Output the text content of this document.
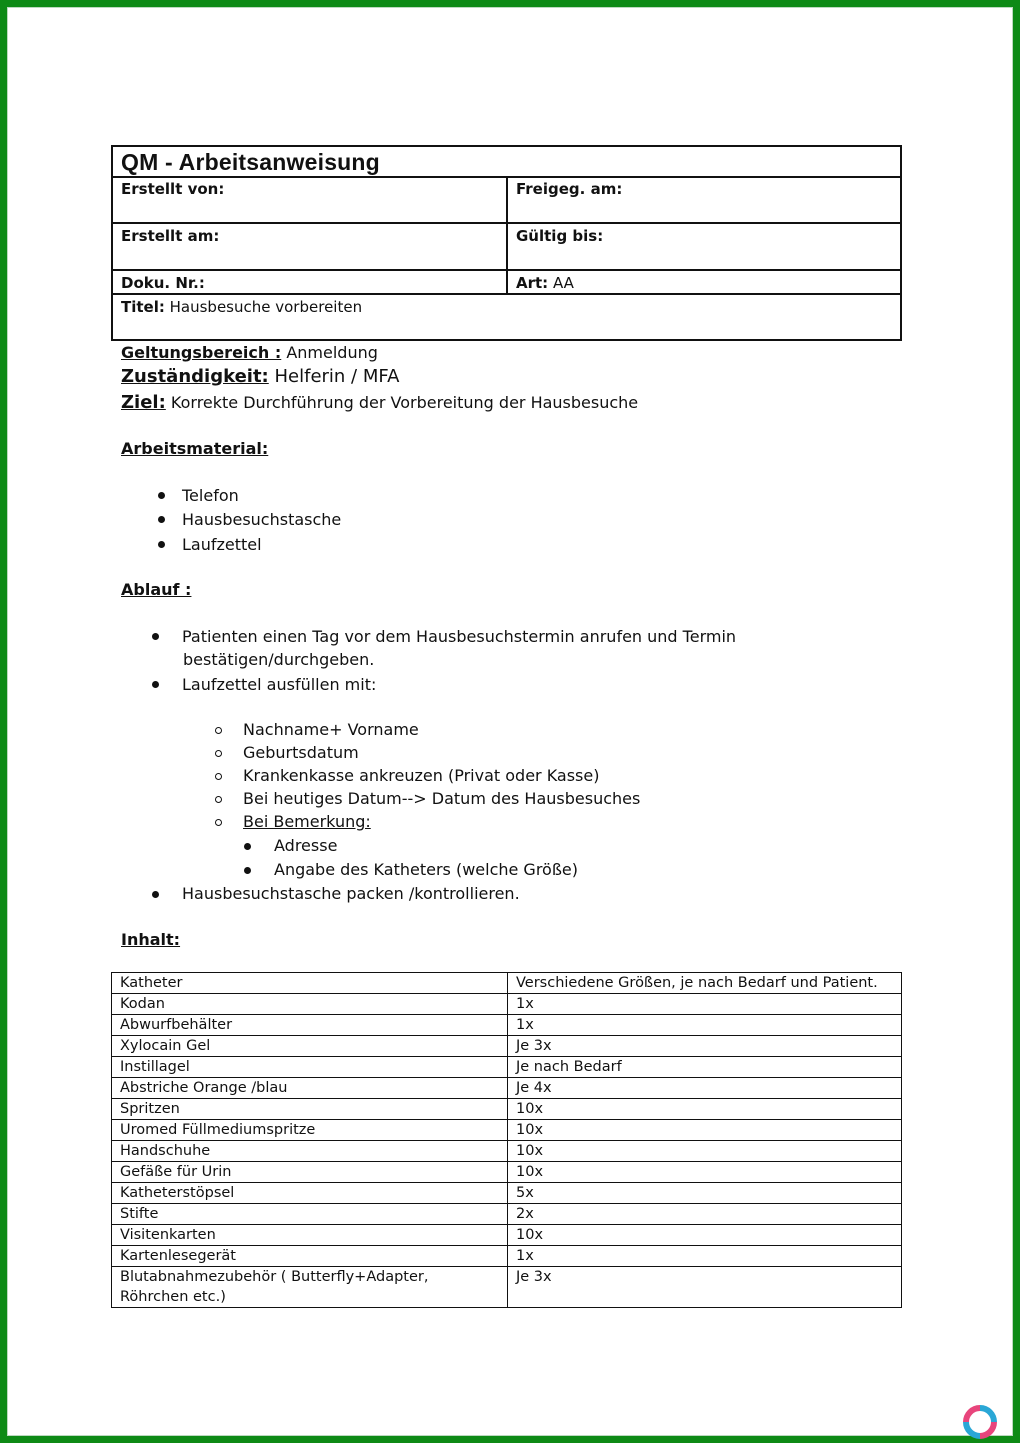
QM - Arbeitsanweisung
Erstellt von:	Freigeg. am:
Erstellt am:	Gültig bis:
Doku. Nr.:	Art: AA
Titel: Hausbesuche vorbereiten
Geltungsbereich : Anmeldung
Zuständigkeit: Helferin / MFA
Ziel: Korrekte Durchführung der Vorbereitung der Hausbesuche
Arbeitsmaterial:
Telefon
Hausbesuchstasche
Laufzettel
Ablauf :
Patienten einen Tag vor dem Hausbesuchstermin anrufen und Termin
bestätigen/durchgeben.
Laufzettel ausfüllen mit:
Nachname+ Vorname
Geburtsdatum
Krankenkasse ankreuzen (Privat oder Kasse)
Bei heutiges Datum--> Datum des Hausbesuches
Bei Bemerkung:
Adresse
Angabe des Katheters (welche Größe)
Hausbesuchstasche packen /kontrollieren.
Inhalt:
Katheter	Verschiedene Größen, je nach Bedarf und Patient.
Kodan	1x
Abwurfbehälter	1x
Xylocain Gel	Je 3x
Instillagel	Je nach Bedarf
Abstriche Orange /blau	Je 4x
Spritzen	10x
Uromed Füllmediumspritze	10x
Handschuhe	10x
Gefäße für Urin	10x
Katheterstöpsel	5x
Stifte	2x
Visitenkarten	10x
Kartenlesegerät	1x
Blutabnahmezubehör ( Butterfly+Adapter, Röhrchen etc.)	Je 3x
